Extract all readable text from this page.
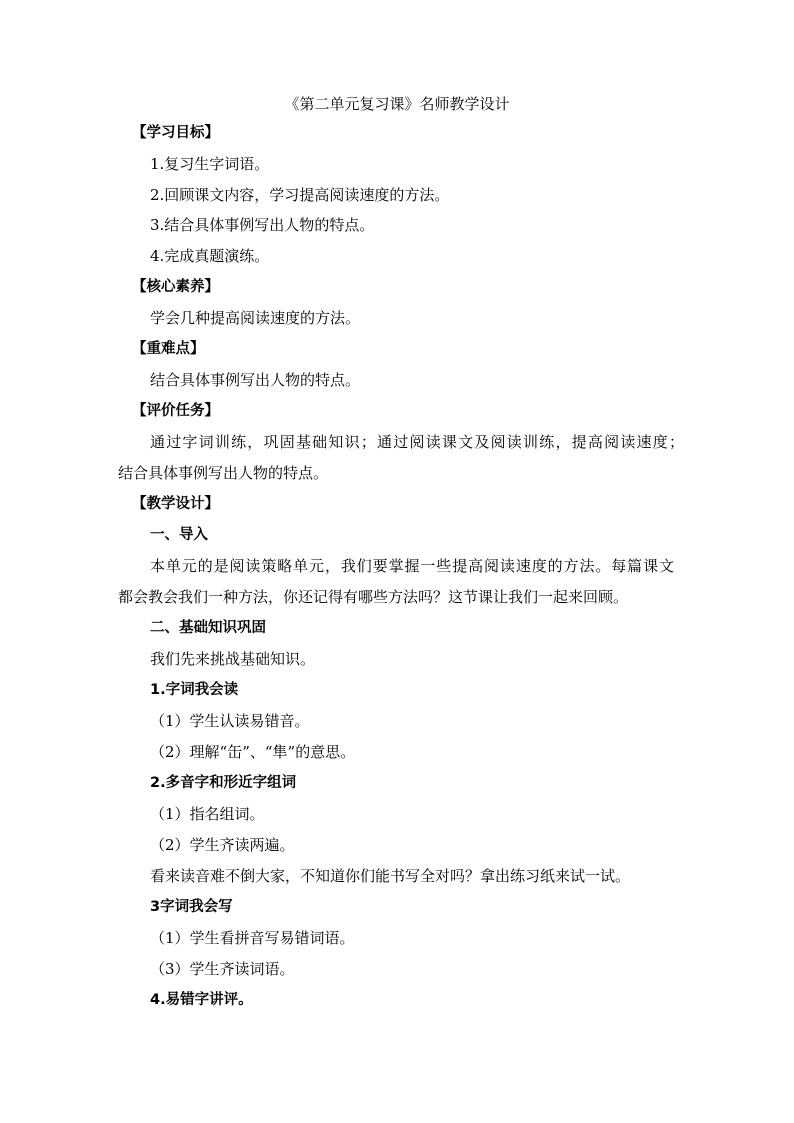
《第二单元复习课》名师教学设计
【学习目标】
1.复习生字词语。
2.回顾课文内容，学习提高阅读速度的方法。
3.结合具体事例写出人物的特点。
4.完成真题演练。
【核心素养】
学会几种提高阅读速度的方法。
【重难点】
结合具体事例写出人物的特点。
【评价任务】
通过字词训练，巩固基础知识；通过阅读课文及阅读训练，提高阅读速度；
结合具体事例写出人物的特点。
【教学设计】
一、导入
本单元的是阅读策略单元，我们要掌握一些提高阅读速度的方法。每篇课文
都会教会我们一种方法，你还记得有哪些方法吗？这节课让我们一起来回顾。
二、基础知识巩固
我们先来挑战基础知识。
1.字词我会读
（1）学生认读易错音。
（2）理解“缶”、“隼”的意思。
2.多音字和形近字组词
（1）指名组词。
（2）学生齐读两遍。
看来读音难不倒大家，不知道你们能书写全对吗？拿出练习纸来试一试。
3字词我会写
（1）学生看拼音写易错词语。
（3）学生齐读词语。
4.易错字讲评。
